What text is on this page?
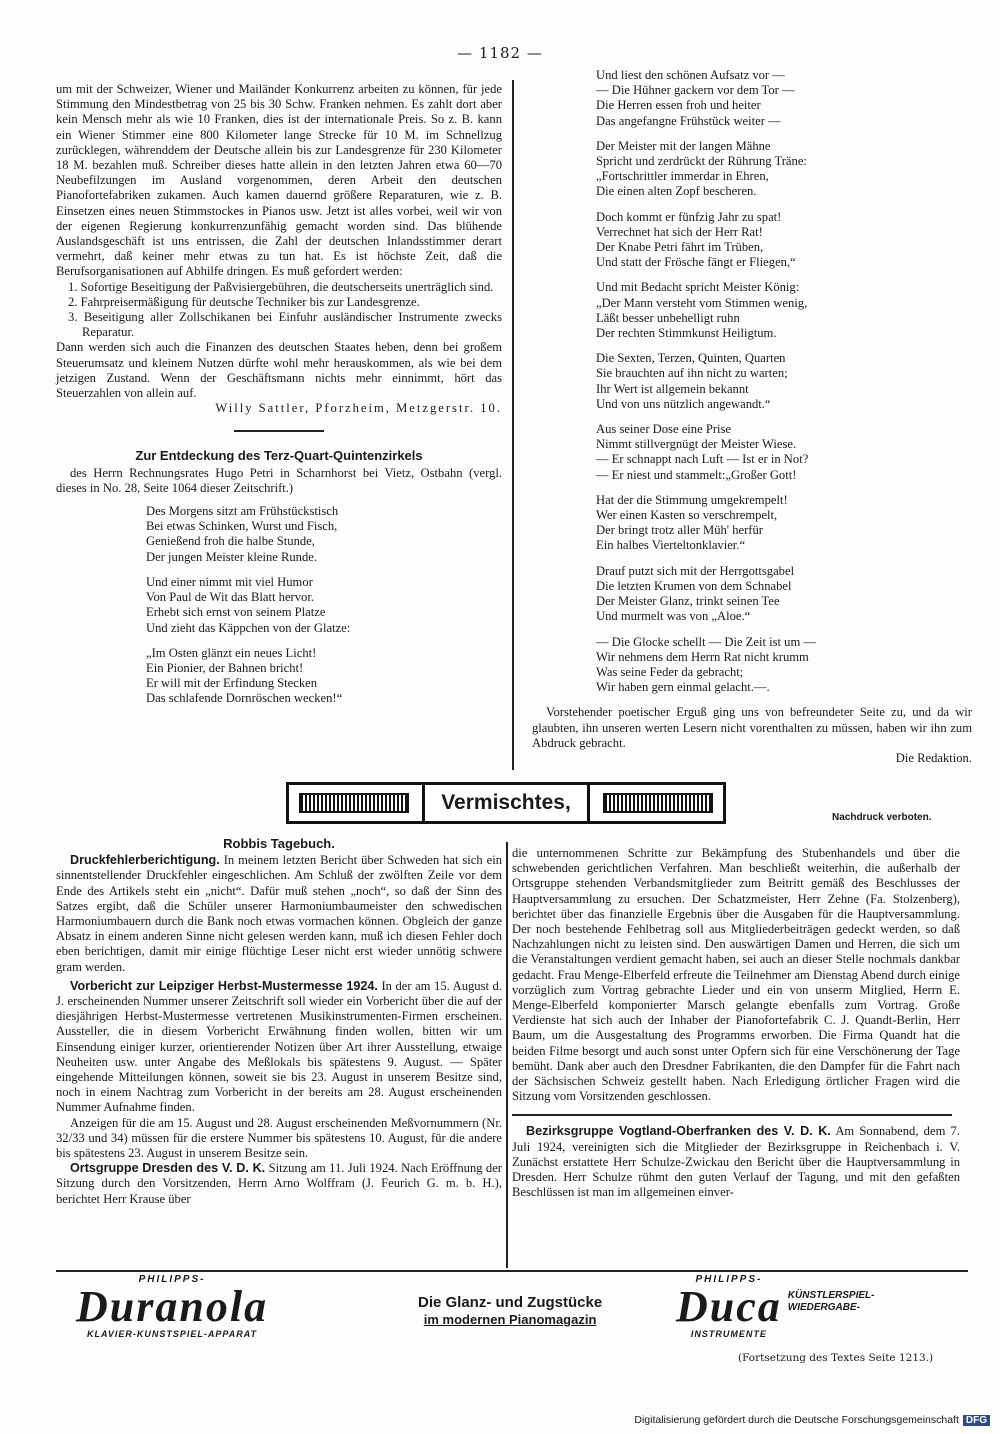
— 1182 —

um mit der Schweizer, Wiener und Mailänder Konkurrenz arbeiten zu können, für jede Stimmung den Mindestbetrag von 25 bis 30 Schw. Franken nehmen. Es zahlt dort aber kein Mensch mehr als wie 10 Franken, dies ist der internationale Preis. So z. B. kann ein Wiener Stimmer eine 800 Kilometer lange Strecke für 10 M. im Schnellzug zurücklegen, währenddem der Deutsche allein bis zur Landesgrenze für 230 Kilometer 18 M. bezahlen muß. Schreiber dieses hatte allein in den letzten Jahren etwa 60—70 Neubefilzungen im Ausland vorgenommen, deren Arbeit den deutschen Pianofortefabriken zukamen. Auch kamen dauernd größere Reparaturen, wie z. B. Einsetzen eines neuen Stimmstockes in Pianos usw. Jetzt ist alles vorbei, weil wir von der eigenen Regierung konkurrenzunfähig gemacht worden sind. Das blühende Auslandsgeschäft ist uns entrissen, die Zahl der deutschen Inlandsstimmer derart vermehrt, daß keiner mehr etwas zu tun hat. Es ist höchste Zeit, daß die Berufsorganisationen auf Abhilfe dringen. Es muß gefordert werden:

1. Sofortige Beseitigung der Paßvisiergebühren, die deutscherseits unerträglich sind.

2. Fahrpreisermäßigung für deutsche Techniker bis zur Landesgrenze.

3. Beseitigung aller Zollschikanen bei Einfuhr ausländischer Instrumente zwecks Reparatur.

Dann werden sich auch die Finanzen des deutschen Staates heben, denn bei großem Steuerumsatz und kleinem Nutzen dürfte wohl mehr herauskommen, als wie bei dem jetzigen Zustand. Wenn der Geschäftsmann nichts mehr einnimmt, hört das Steuerzahlen von allein auf.

Willy Sattler, Pforzheim, Metzgerstr. 10.

Zur Entdeckung des Terz-Quart-Quintenzirkels

des Herrn Rechnungsrates Hugo Petri in Scharnhorst bei Vietz, Ostbahn (vergl. dieses in No. 28, Seite 1064 dieser Zeitschrift.)

Des Morgens sitzt am Frühstückstisch
Bei etwas Schinken, Wurst und Fisch,
Genießend froh die halbe Stunde,
Der jungen Meister kleine Runde.
Und einer nimmt mit viel Humor
Von Paul de Wit das Blatt hervor.
Erhebt sich ernst von seinem Platze
Und zieht das Käppchen von der Glatze:
„Im Osten glänzt ein neues Licht!
Ein Pionier, der Bahnen bricht!
Er will mit der Erfindung Stecken
Das schlafende Dornröschen wecken!“
Und liest den schönen Aufsatz vor —
— Die Hühner gackern vor dem Tor —
Die Herren essen froh und heiter
Das angefangne Frühstück weiter —
Der Meister mit der langen Mähne
Spricht und zerdrückt der Rührung Träne:
„Fortschrittler immerdar in Ehren,
Die einen alten Zopf bescheren.
Doch kommt er fünfzig Jahr zu spat!
Verrechnet hat sich der Herr Rat!
Der Knabe Petri fährt im Trüben,
Und statt der Frösche fängt er Fliegen,“
Und mit Bedacht spricht Meister König:
„Der Mann versteht vom Stimmen wenig,
Läßt besser unbehelligt ruhn
Der rechten Stimmkunst Heiligtum.
Die Sexten, Terzen, Quinten, Quarten
Sie brauchten auf ihn nicht zu warten;
Ihr Wert ist allgemein bekannt
Und von uns nützlich angewandt.“
Aus seiner Dose eine Prise
Nimmt stillvergnügt der Meister Wiese.
— Er schnappt nach Luft — Ist er in Not?
— Er niest und stammelt:„Großer Gott!
Hat der die Stimmung umgekrempelt!
Wer einen Kasten so verschrempelt,
Der bringt trotz aller Müh' herfür
Ein halbes Vierteltonklavier.“
Drauf putzt sich mit der Herrgottsgabel
Die letzten Krumen von dem Schnabel
Der Meister Glanz, trinkt seinen Tee
Und murmelt was von „Aloe.“
— Die Glocke schellt — Die Zeit ist um —
Wir nehmens dem Herrn Rat nicht krumm
Was seine Feder da gebracht;
Wir haben gern einmal gelacht.—.

Vorstehender poetischer Erguß ging uns von befreundeter Seite zu, und da wir glaubten, ihn unseren werten Lesern nicht vorenthalten zu müssen, haben wir ihn zum Abdruck gebracht.

Die Redaktion.

Vermischtes,
Nachdruck verboten.
Robbis Tagebuch.

Druckfehlerberichtigung. In meinem letzten Bericht über Schweden hat sich ein sinnentstellender Druckfehler eingeschlichen. Am Schluß der zwölften Zeile vor dem Ende des Artikels steht ein „nicht“. Dafür muß stehen „noch“, so daß der Sinn des Satzes ergibt, daß die Schüler unserer Harmoniumbaumeister den schwedischen Harmoniumbauern durch die Bank noch etwas vormachen können. Obgleich der ganze Absatz in einem anderen Sinne nicht gelesen werden kann, muß ich diesen Fehler doch eben berichtigen, damit mir einige flüchtige Leser nicht erst wieder unnötig schwere gram werden.

Vorbericht zur Leipziger Herbst-Mustermesse 1924. In der am 15. August d. J. erscheinenden Nummer unserer Zeitschrift soll wieder ein Vorbericht über die auf der diesjährigen Herbst-Mustermesse vertretenen Musikinstrumenten-Firmen erscheinen. Aussteller, die in diesem Vorbericht Erwähnung finden wollen, bitten wir um Einsendung einiger kurzer, orientierender Notizen über Art ihrer Ausstellung, etwaige Neuheiten usw. unter Angabe des Meßlokals bis spätestens 9. August. — Später eingehende Mitteilungen können, soweit sie bis 23. August in unserem Besitze sind, noch in einem Nachtrag zum Vorbericht in der bereits am 28. August erscheinenden Nummer Aufnahme finden.

Anzeigen für die am 15. August und 28. August erscheinenden Meßvornummern (Nr. 32/33 und 34) müssen für die erstere Nummer bis spätestens 10. August, für die andere bis spätestens 23. August in unserem Besitze sein.

Ortsgruppe Dresden des V. D. K. Sitzung am 11. Juli 1924. Nach Eröffnung der Sitzung durch den Vorsitzenden, Herrn Arno Wolffram (J. Feurich G. m. b. H.), berichtet Herr Krause über

die unternommenen Schritte zur Bekämpfung des Stubenhandels und über die schwebenden gerichtlichen Verfahren. Man beschließt weiterhin, die außerhalb der Ortsgruppe stehenden Verbandsmitglieder zum Beitritt gemäß des Beschlusses der Hauptversammlung zu ersuchen. Der Schatzmeister, Herr Zehne (Fa. Stolzenberg), berichtet über das finanzielle Ergebnis über die Ausgaben für die Hauptversammlung. Der noch bestehende Fehlbetrag soll aus Mitgliederbeiträgen gedeckt werden, so daß Nachzahlungen nicht zu leisten sind. Den auswärtigen Damen und Herren, die sich um die Veranstaltungen verdient gemacht haben, sei auch an dieser Stelle nochmals dankbar gedacht. Frau Menge-Elberfeld erfreute die Teilnehmer am Dienstag Abend durch einige vorzüglich zum Vortrag gebrachte Lieder und ein von unserm Mitglied, Herrn E. Menge-Elberfeld komponierter Marsch gelangte ebenfalls zum Vortrag. Große Verdienste hat sich auch der Inhaber der Pianofortefabrik C. J. Quandt-Berlin, Herr Baum, um die Ausgestaltung des Programms erworben. Die Firma Quandt hat die beiden Filme besorgt und auch sonst unter Opfern sich für eine Verschönerung der Tage bemüht. Dank aber auch den Dresdner Fabrikanten, die den Dampfer für die Fahrt nach der Sächsischen Schweiz gestellt haben. Nach Erledigung örtlicher Fragen wird die Sitzung vom Vorsitzenden geschlossen.

Bezirksgruppe Vogtland-Oberfranken des V. D. K. Am Sonnabend, dem 7. Juli 1924, vereinigten sich die Mitglieder der Bezirksgruppe in Reichenbach i. V. Zunächst erstattete Herr Schulze-Zwickau den Bericht über die Hauptversammlung in Dresden. Herr Schulze rühmt den guten Verlauf der Tagung, und mit den gefaßten Beschlüssen ist man im allgemeinen einver-

PHILIPPS-
Duranola
KLAVIER-KUNSTSPIEL-APPARAT
Die Glanz- und Zugstücke
im modernen Pianomagazin
PHILIPPS-
Duca
INSTRUMENTE
KÜNSTLERSPIEL-
WIEDERGABE-
(Fortsetzung des Textes Seite 1213.)
Digitalisierung gefördert durch die Deutsche Forschungsgemeinschaft DFG
